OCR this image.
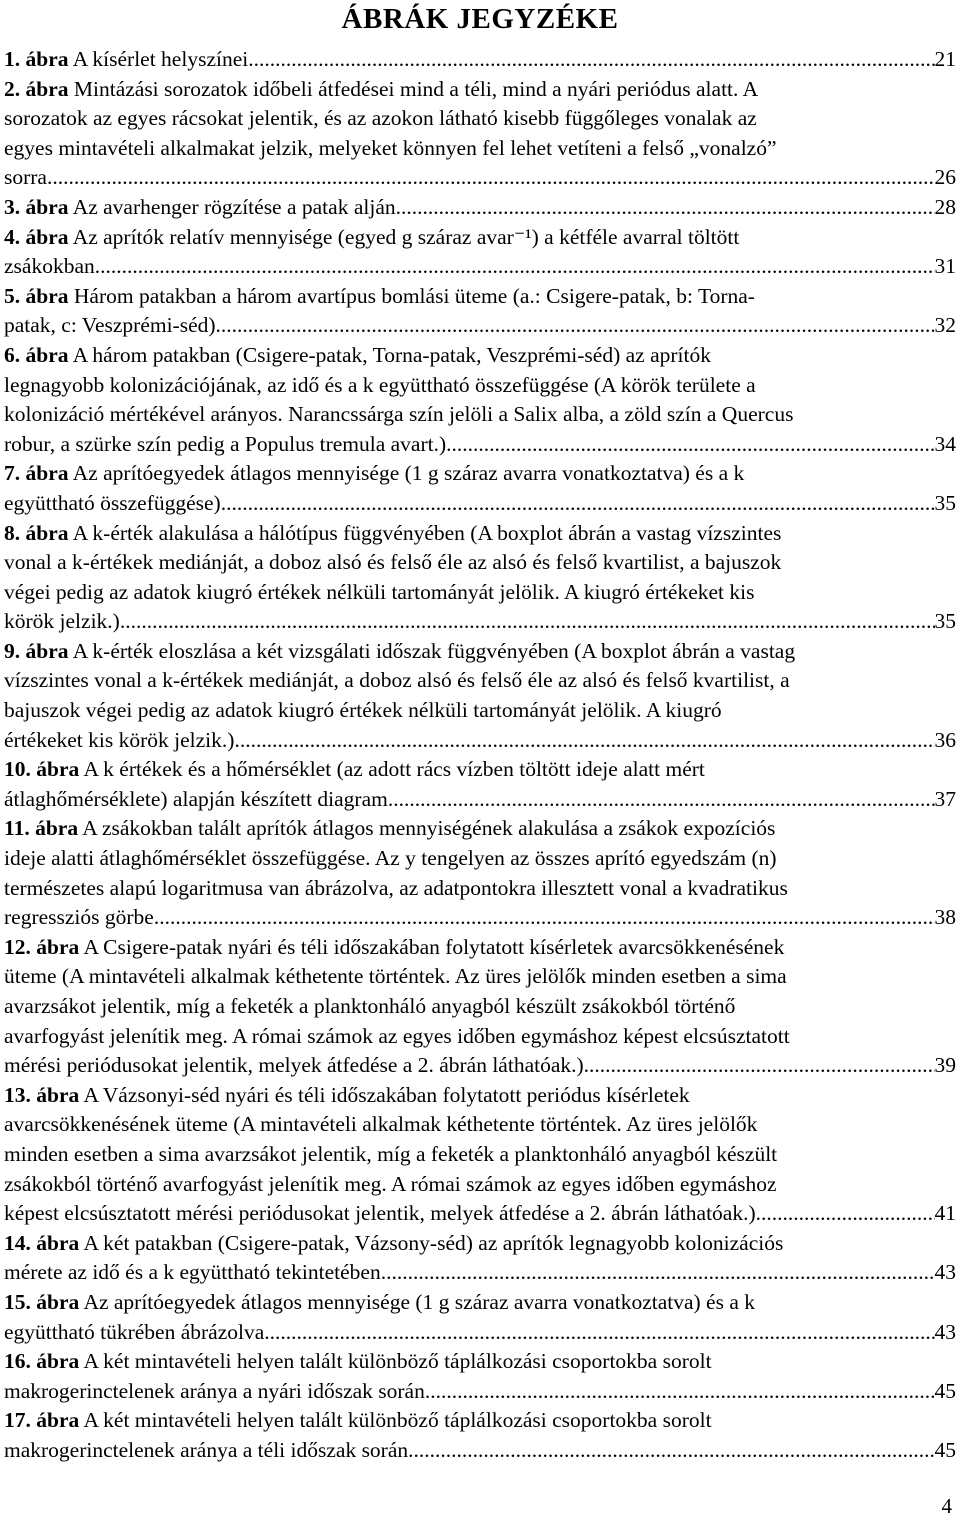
ÁBRÁK JEGYZÉKE
1. ábra A kísérlet helyszínei .....	21
2. ábra Mintázási sorozatok időbeli átfedései mind a téli, mind a nyári periódus alatt. A
sorozatok az egyes rácsokat jelentik, és az azokon látható kisebb függőleges vonalak az
egyes mintavételi alkalmakat jelzik, melyeket könnyen fel lehet vetíteni a felső „vonalzó”
sorra. .....	26
3. ábra Az avarhenger rögzítése a patak alján .....	28
4. ábra Az aprítók relatív mennyisége (egyed g száraz avar⁻¹) a kétféle avarral töltött
zsákokban .....	31
5. ábra Három patakban a három avartípus bomlási üteme (a.: Csigere-patak, b: Torna-
patak, c: Veszprémi-séd) .....	32
6. ábra A három patakban (Csigere-patak, Torna-patak, Veszprémi-séd) az aprítók
legnagyobb kolonizációjának, az idő és a k együttható összefüggése (A körök területe a
kolonizáció mértékével arányos. Narancssárga szín jelöli a Salix alba, a zöld szín a Quercus
robur, a szürke szín pedig a Populus tremula avart.) .....	34
7. ábra Az aprítóegyedek átlagos mennyisége (1 g száraz avarra vonatkoztatva) és a k
együttható összefüggése) .....	35
8. ábra A k-érték alakulása a hálótípus függvényében (A boxplot ábrán a vastag vízszintes
vonal a k-értékek mediánját, a doboz alsó és felső éle az alsó és felső kvartilist, a bajuszok
végei pedig az adatok kiugró értékek nélküli tartományát jelölik. A kiugró értékeket kis
körök jelzik.) .....	35
9. ábra A k-érték eloszlása a két vizsgálati időszak függvényében (A boxplot ábrán a vastag
vízszintes vonal a k-értékek mediánját, a doboz alsó és felső éle az alsó és felső kvartilist, a
bajuszok végei pedig az adatok kiugró értékek nélküli tartományát jelölik. A kiugró
értékeket kis körök jelzik.) .....	36
10. ábra A k értékek és a hőmérséklet (az adott rács vízben töltött ideje alatt mért
átlaghőmérséklete) alapján készített diagram .....	37
11. ábra A zsákokban talált aprítók átlagos mennyiségének alakulása a zsákok expozíciós
ideje alatti átlaghőmérséklet összefüggése. Az y tengelyen az összes aprító egyedszám (n)
természetes alapú logaritmusa van ábrázolva, az adatpontokra illesztett vonal a kvadratikus
regressziós görbe. .....	38
12. ábra A Csigere-patak nyári és téli időszakában folytatott kísérletek avarcsökkenésének
üteme (A mintavételi alkalmak kéthetente történtek. Az üres jelölők minden esetben a sima
avarzsákot jelentik, míg a feketék a planktonháló anyagból készült zsákokból történő
avarfogyást jelenítik meg. A római számok az egyes időben egymáshoz képest elcsúsztatott
mérési periódusokat jelentik, melyek átfedése a 2. ábrán láthatóak.) .....	39
13. ábra A Vázsonyi-séd nyári és téli időszakában folytatott periódus kísérletek
avarcsökkenésének üteme (A mintavételi alkalmak kéthetente történtek. Az üres jelölők
minden esetben a sima avarzsákot jelentik, míg a feketék a planktonháló anyagból készült
zsákokból történő avarfogyást jelenítik meg. A római számok az egyes időben egymáshoz
képest elcsúsztatott mérési periódusokat jelentik, melyek átfedése a 2. ábrán láthatóak.) .....	41
14. ábra A két patakban (Csigere-patak, Vázsony-séd) az aprítók legnagyobb kolonizációs
mérete az idő és a k együttható tekintetében .....	43
15. ábra Az aprítóegyedek átlagos mennyisége (1 g száraz avarra vonatkoztatva) és a k
együttható tükrében ábrázolva .....	43
16. ábra A két mintavételi helyen talált különböző táplálkozási csoportokba sorolt
makrogerinctelenek aránya a nyári időszak során .....	45
17. ábra A két mintavételi helyen talált különböző táplálkozási csoportokba sorolt
makrogerinctelenek aránya a téli időszak során .....	45
4
